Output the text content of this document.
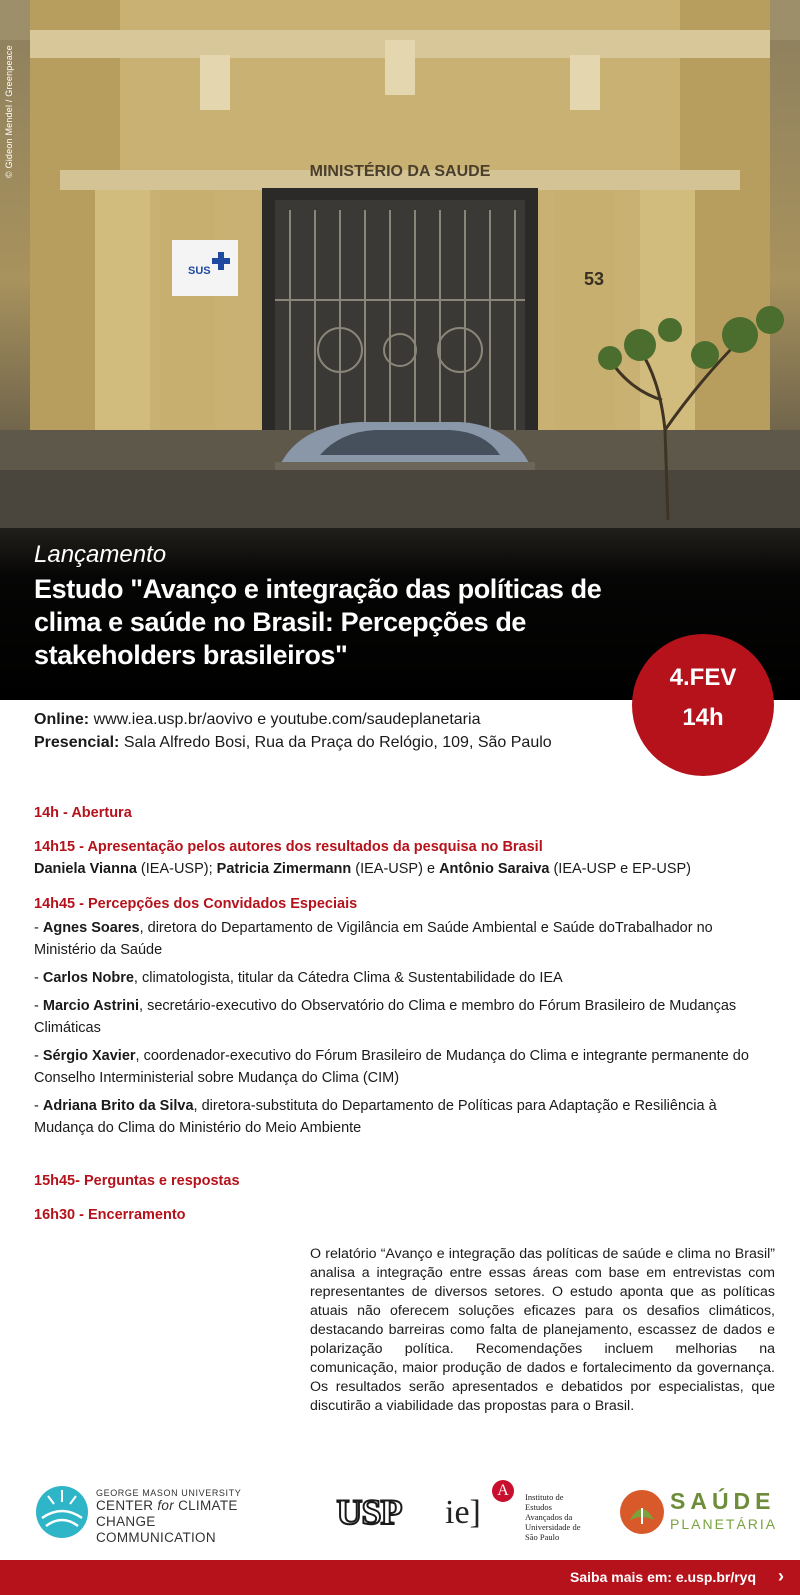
MINISTÉRIO DA SAUDE
SUS	53
© Gideon Mendel / Greenpeace
Lançamento
Estudo "Avanço e integração das políticas de clima e saúde no Brasil: Percepções de stakeholders brasileiros"
4.FEV
14h
Online: www.iea.usp.br/aovivo e youtube.com/saudeplanetaria
Presencial: Sala Alfredo Bosi, Rua da Praça do Relógio, 109, São Paulo
14h - Abertura
14h15 - Apresentação pelos autores dos resultados da pesquisa no Brasil
Daniela Vianna (IEA-USP); Patricia Zimermann (IEA-USP) e Antônio Saraiva (IEA-USP e EP-USP)
14h45 - Percepções dos Convidados Especiais
- Agnes Soares, diretora do Departamento de Vigilância em Saúde Ambiental e Saúde doTrabalhador no Ministério da Saúde
- Carlos Nobre, climatologista, titular da Cátedra Clima & Sustentabilidade do IEA
- Marcio Astrini, secretário-executivo do Observatório do Clima e membro do Fórum Brasileiro de Mudanças Climáticas
- Sérgio Xavier, coordenador-executivo do Fórum Brasileiro de Mudança do Clima e integrante permanente do Conselho Interministerial sobre Mudança do Clima (CIM)
- Adriana Brito da Silva, diretora-substituta do Departamento de Políticas para Adaptação e Resiliência à Mudança do Clima do Ministério do Meio Ambiente
15h45- Perguntas e respostas
16h30 - Encerramento
O relatório “Avanço e integração das políticas de saúde e clima no Brasil” analisa a integração entre essas áreas com base em entrevistas com representantes de diversos setores. O estudo aponta que as políticas atuais não oferecem soluções eficazes para os desafios climáticos, destacando barreiras como falta de planejamento, escassez de dados e polarização política. Recomendações incluem melhorias na comunicação, maior produção de dados e fortalecimento da governança. Os resultados serão apresentados e debatidos por especialistas, que discutirão a viabilidade das propostas para o Brasil.
GEORGE MASON UNIVERSITY
CENTER for CLIMATE CHANGE
COMMUNICATION
USP ie]
A	Instituto de
Estudos
Avançados da
Universidade de
São Paulo
SAÚDE
PLANETÁRIA
Saiba mais em: e.usp.br/ryq ›
